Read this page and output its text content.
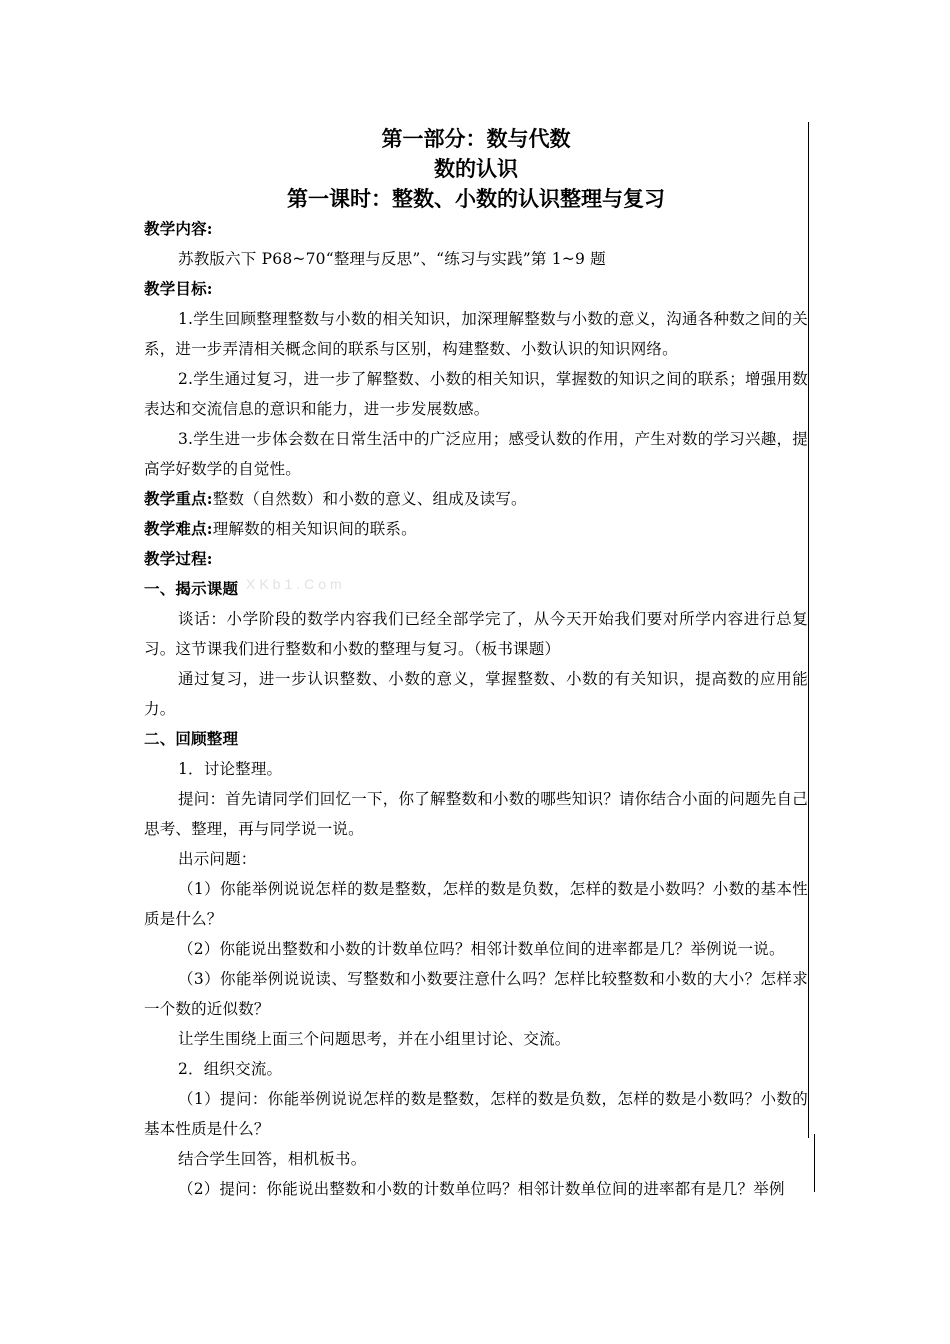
XKb1.Com

第一部分：数与代数

数的认识

第一课时：整数、小数的认识整理与复习

教学内容:

苏教版六下 P68~70“整理与反思”、“练习与实践”第 1~9 题

教学目标:

1.学生回顾整理整数与小数的相关知识，加深理解整数与小数的意义，沟通各种数之间的关系，进一步弄清相关概念间的联系与区别，构建整数、小数认识的知识网络。

2.学生通过复习，进一步了解整数、小数的相关知识，掌握数的知识之间的联系；增强用数表达和交流信息的意识和能力，进一步发展数感。

3.学生进一步体会数在日常生活中的广泛应用；感受认数的作用，产生对数的学习兴趣，提高学好数学的自觉性。

教学重点:整数（自然数）和小数的意义、组成及读写。

教学难点:理解数的相关知识间的联系。

教学过程:

一、揭示课题

谈话：小学阶段的数学内容我们已经全部学完了，从今天开始我们要对所学内容进行总复习。这节课我们进行整数和小数的整理与复习。（板书课题）

通过复习，进一步认识整数、小数的意义，掌握整数、小数的有关知识，提高数的应用能力。

二、回顾整理

1．讨论整理。

提问：首先请同学们回忆一下，你了解整数和小数的哪些知识？请你结合小面的问题先自己思考、整理，再与同学说一说。

出示问题：

（1）你能举例说说怎样的数是整数，怎样的数是负数，怎样的数是小数吗？小数的基本性质是什么？

（2）你能说出整数和小数的计数单位吗？相邻计数单位间的进率都是几？举例说一说。

（3）你能举例说说读、写整数和小数要注意什么吗？怎样比较整数和小数的大小？怎样求一个数的近似数？

让学生围绕上面三个问题思考，并在小组里讨论、交流。

2．组织交流。

（1）提问：你能举例说说怎样的数是整数，怎样的数是负数，怎样的数是小数吗？小数的基本性质是什么？

结合学生回答，相机板书。

（2）提问：你能说出整数和小数的计数单位吗？相邻计数单位间的进率都有是几？举例
